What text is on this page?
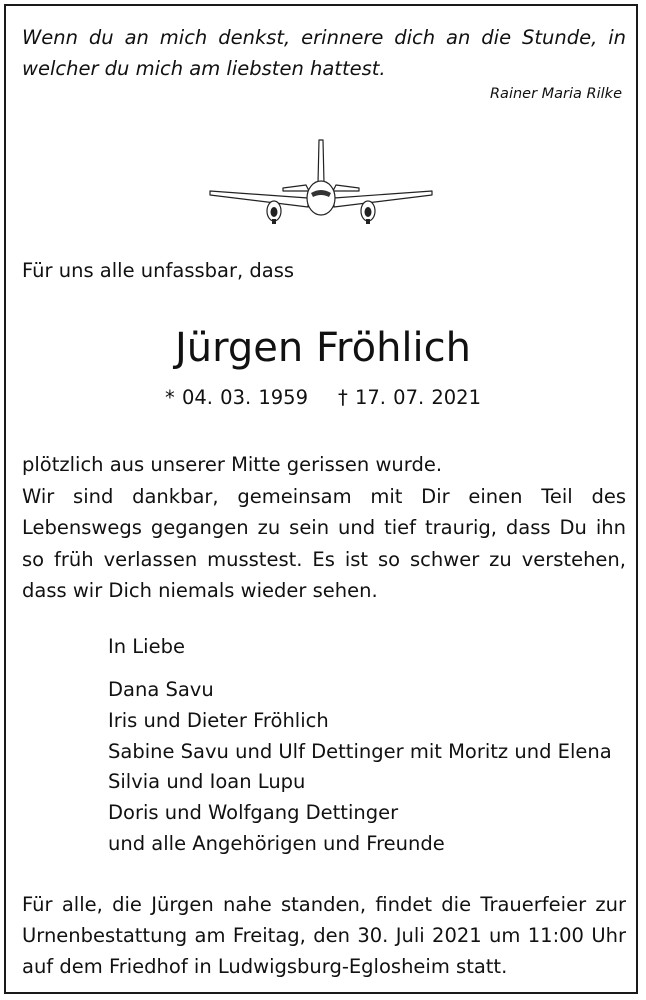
Wenn du an mich denkst, erinnere dich an die Stunde, in welcher du mich am liebsten hattest.
Rainer Maria Rilke
Für uns alle unfassbar, dass
Jürgen Fröhlich
* 04. 03. 1959 † 17. 07. 2021

plötzlich aus unserer Mitte gerissen wurde.

Wir sind dankbar, gemeinsam mit Dir einen Teil des Lebenswegs gegangen zu sein und tief traurig, dass Du ihn so früh verlassen musstest. Es ist so schwer zu verstehen, dass wir Dich niemals wieder sehen.

In Liebe
Dana Savu
Iris und Dieter Fröhlich
Sabine Savu und Ulf Dettinger mit Moritz und Elena
Silvia und Ioan Lupu
Doris und Wolfgang Dettinger
und alle Angehörigen und Freunde
Für alle, die Jürgen nahe standen, findet die Trauerfeier zur Urnenbestattung am Freitag, den 30. Juli 2021 um 11:00 Uhr auf dem Friedhof in Ludwigsburg-Eglosheim statt.
